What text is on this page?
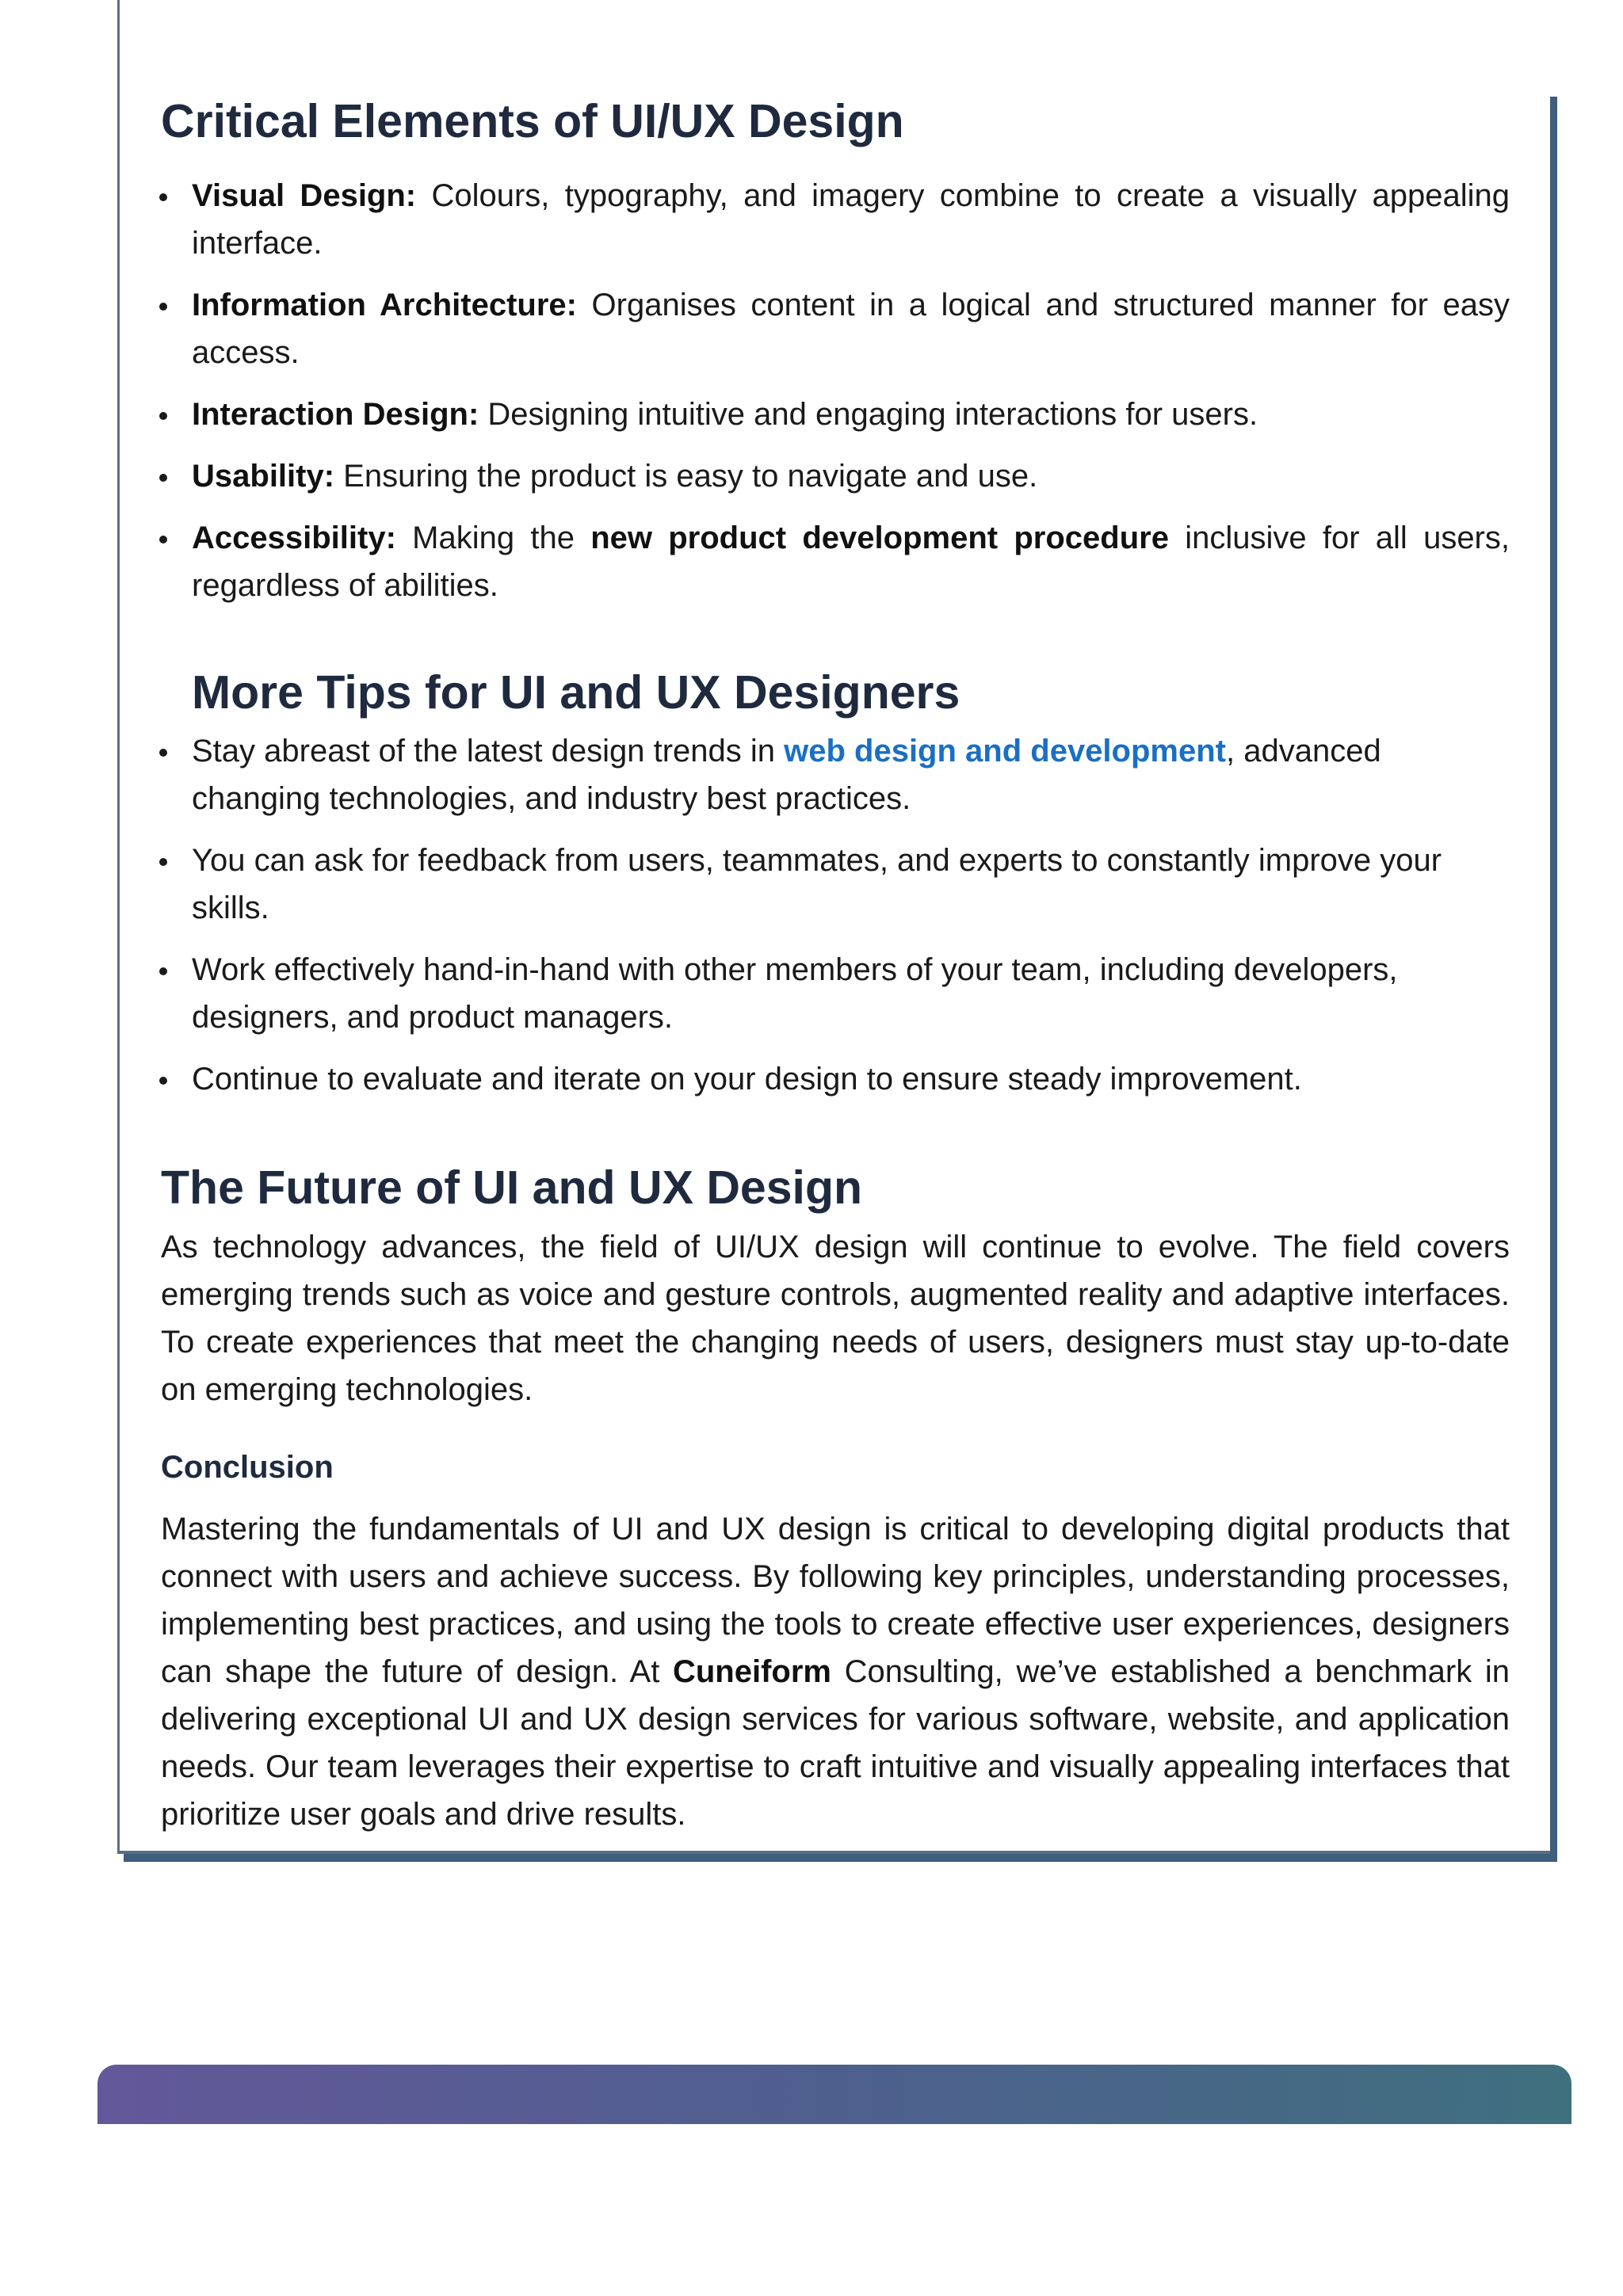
Critical Elements of UI/UX Design
Visual Design: Colours, typography, and imagery combine to create a visually appealing interface.
Information Architecture: Organises content in a logical and structured manner for easy access.
Interaction Design: Designing intuitive and engaging interactions for users.
Usability: Ensuring the product is easy to navigate and use.
Accessibility: Making the new product development procedure inclusive for all users, regardless of abilities.
More Tips for UI and UX Designers
Stay abreast of the latest design trends in web design and development, advanced changing technologies, and industry best practices.
You can ask for feedback from users, teammates, and experts to constantly improve your skills.
Work effectively hand-in-hand with other members of your team, including developers, designers, and product managers.
Continue to evaluate and iterate on your design to ensure steady improvement.
The Future of UI and UX Design

As technology advances, the field of UI/UX design will continue to evolve. The field covers emerging trends such as voice and gesture controls, augmented reality and adaptive interfaces. To create experiences that meet the changing needs of users, designers must stay up-to-date on emerging technologies.

Conclusion

Mastering the fundamentals of UI and UX design is critical to developing digital products that connect with users and achieve success. By following key principles, understanding processes, implementing best practices, and using the tools to create effective user experiences, designers can shape the future of design. At Cuneiform Consulting, we’ve established a benchmark in delivering exceptional UI and UX design services for various software, website, and application needs. Our team leverages their expertise to craft intuitive and visually appealing interfaces that prioritize user goals and drive results.
